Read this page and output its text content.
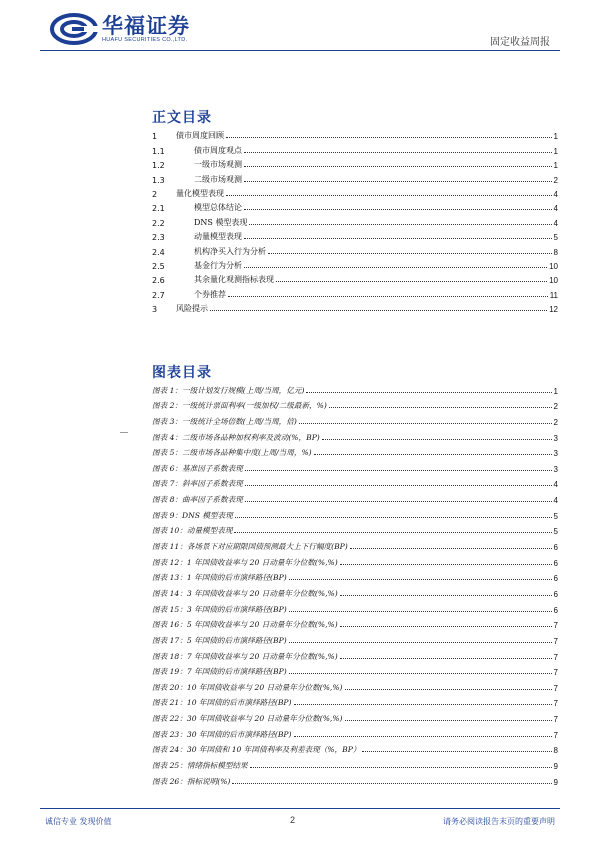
华福证券
HUAFU SECURITIES CO.,LTD.	固定收益周报
正文目录
1	债市周度回顾	1
1.1	债市周度观点	1
1.2	一级市场观测	1
1.3	二级市场观测	2
2	量化模型表现	4
2.1	模型总体结论	4
2.2	DNS 模型表现	4
2.3	动量模型表现	5
2.4	机构净买入行为分析	8
2.5	基金行为分析	10
2.6	其余量化观测指标表现	10
2.7	个券推荐	11
3	风险提示	12
图表目录
图表 1：一级计划发行规模(上周/当周，亿元)	1
图表 2：一级统计票面利率(一级加权/二级最新，%)	2
图表 3：一级统计全场倍数(上周/当周，倍)	2
图表 4：二级市场各品种加权利率及波动(%，BP)	3
图表 5：二级市场各品种集中度(上周/当周，%)	3
图表 6：基准因子系数表现	3
图表 7：斜率因子系数表现	4
图表 8：曲率因子系数表现	4
图表 9：DNS 模型表现	5
图表 10：动量模型表现	5
图表 11：各场景下对应期限国债预测最大上下行幅度(BP)	6
图表 12：1 年国债收益率与 20 日动量年分位数(%,%)	6
图表 13：1 年国债的后市演绎路径(BP)	6
图表 14：3 年国债收益率与 20 日动量年分位数(%,%)	6
图表 15：3 年国债的后市演绎路径(BP)	6
图表 16：5 年国债收益率与 20 日动量年分位数(%,%)	7
图表 17：5 年国债的后市演绎路径(BP)	7
图表 18：7 年国债收益率与 20 日动量年分位数(%,%)	7
图表 19：7 年国债的后市演绎路径(BP)	7
图表 20：10 年国债收益率与 20 日动量年分位数(%,%)	7
图表 21：10 年国债的后市演绎路径(BP)	7
图表 22：30 年国债收益率与 20 日动量年分位数(%,%)	7
图表 23：30 年国债的后市演绎路径(BP)	7
图表 24：30 年国债和 10 年国债利率及利差表现（%，BP）	8
图表 25：情绪指标模型结果	9
图表 26：指标说明(%)	9
诚信专业 发现价值	2	请务必阅读报告末页的重要声明
